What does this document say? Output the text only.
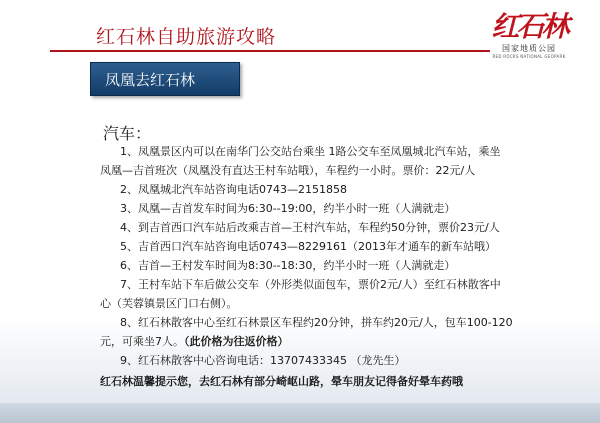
红石林自助旅游攻略	红石林
国家地质公园
RED ROCKS NATIONAL GEOPARK
凤凰去红石林
汽车：

1、凤凰景区内可以在南华门公交站台乘坐 1路公交车至凤凰城北汽车站，乘坐

凤凰—吉首班次（凤凰没有直达王村车站哦），车程约一小时。票价：22元/人

2、凤凰城北汽车站咨询电话0743—2151858

3、凤凰—吉首发车时间为6:30--19:00，约半小时一班（人满就走）

4、到吉首西口汽车站后改乘吉首—王村汽车站，车程约50分钟，票价23元/人

5、吉首西口汽车站咨询电话0743—8229161（2013年才通车的新车站哦）

6、吉首—王村发车时间为8:30--18:30，约半小时一班（人满就走）

7、王村车站下车后做公交车（外形类似面包车，票价2元/人）至红石林散客中

心（芙蓉镇景区门口右侧）。

8、红石林散客中心至红石林景区车程约20分钟，拼车约20元/人，包车100-120

元，可乘坐7人。（此价格为往返价格）

9、红石林散客中心咨询电话：13707433345 （龙先生）

红石林温馨提示您，去红石林有部分崎岖山路，晕车朋友记得备好晕车药哦
